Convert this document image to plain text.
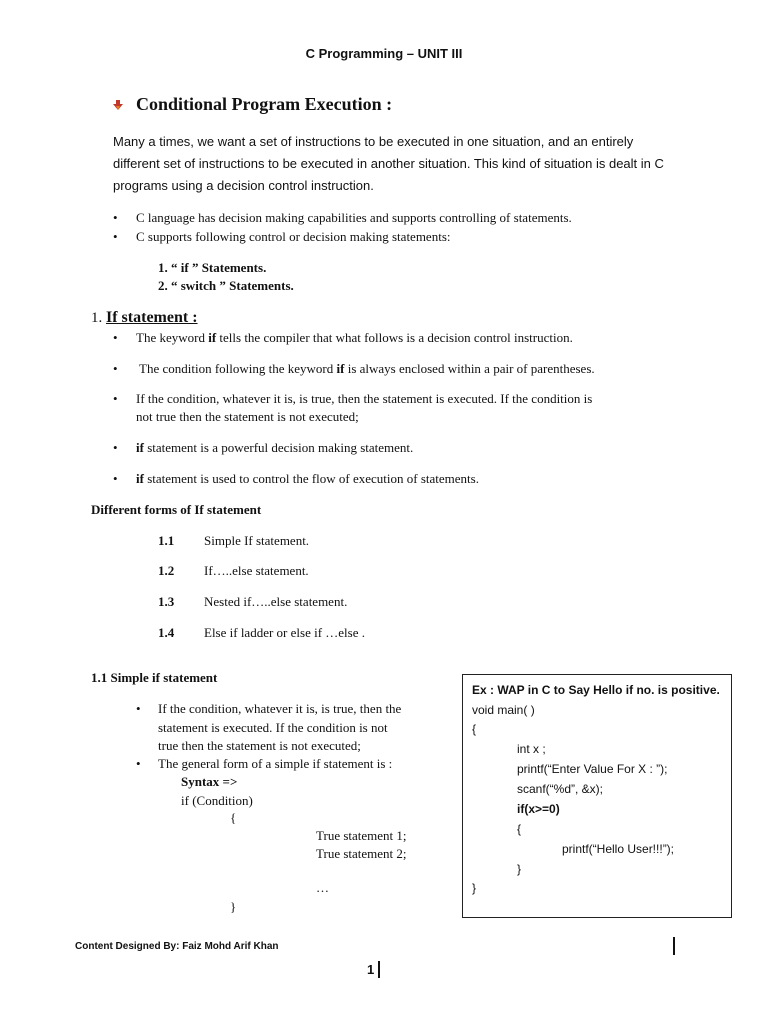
C Programming – UNIT III
Conditional Program Execution :
Many a times, we want a set of instructions to be executed in one situation, and an entirely different set of instructions to be executed in another situation. This kind of situation is dealt in C programs using a decision control instruction.
• C language has decision making capabilities and supports controlling of statements.
• C supports following control or decision making statements:
1. “ if ” Statements.
2. “ switch ” Statements.
1. If statement :
• The keyword if tells the compiler that what follows is a decision control instruction.
• The condition following the keyword if is always enclosed within a pair of parentheses.
• If the condition, whatever it is, is true, then the statement is executed. If the condition is
not true then the statement is not executed;
• if statement is a powerful decision making statement.
• if statement is used to control the flow of execution of statements.
Different forms of If statement
1.1 Simple If statement.
1.2 If…..else statement.
1.3 Nested if…..else statement.
1.4 Else if ladder or else if …else .
1.1 Simple if statement
• If the condition, whatever it is, is true, then the
statement is executed. If the condition is not
true then the statement is not executed;
• The general form of a simple if statement is :
Syntax =>
if (Condition)
{
True statement 1;
True statement 2;
…
}
Ex : WAP in C to Say Hello if no. is positive.
void main( )
{
int x ;
printf(“Enter Value For X : ”);
scanf(“%d”, &x);
if(x>=0)
{
printf(“Hello User!!!”);
}
}
Content Designed By: Faiz Mohd Arif Khan
1
